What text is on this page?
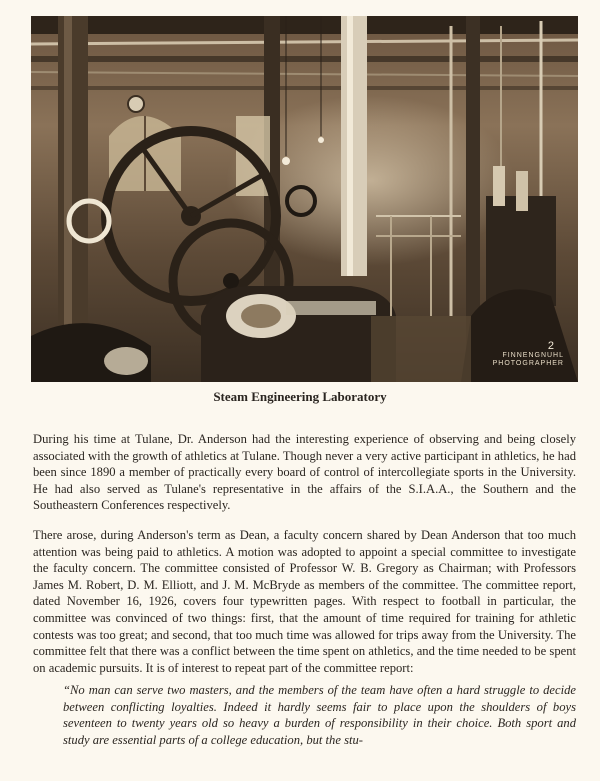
2
FINNENGNUHL
PHOTOGRAPHER
Steam Engineering Laboratory

During his time at Tulane, Dr. Anderson had the interesting experience of observing and being closely associated with the growth of athletics at Tulane. Though never a very active participant in athletics, he had been since 1890 a member of practically every board of control of intercollegiate sports in the University. He had also served as Tulane's representative in the affairs of the S.I.A.A., the Southern and the Southeastern Conferences respectively.

There arose, during Anderson's term as Dean, a faculty concern shared by Dean Anderson that too much attention was being paid to athletics. A motion was adopted to appoint a special committee to investigate the faculty concern. The committee consisted of Professor W. B. Gregory as Chairman; with Professors James M. Robert, D. M. Elliott, and J. M. McBryde as members of the committee. The committee report, dated November 16, 1926, covers four typewritten pages. With respect to football in particular, the committee was convinced of two things: first, that the amount of time required for training for athletic contests was too great; and second, that too much time was allowed for trips away from the University. The committee felt that there was a conflict between the time spent on athletics, and the time needed to be spent on academic pursuits. It is of interest to repeat part of the committee report:

“No man can serve two masters, and the members of the team have often a hard struggle to decide between conflicting loyalties. Indeed it hardly seems fair to place upon the shoulders of boys seventeen to twenty years old so heavy a burden of responsibility in their choice. Both sport and study are essential parts of a college education, but the stu-
